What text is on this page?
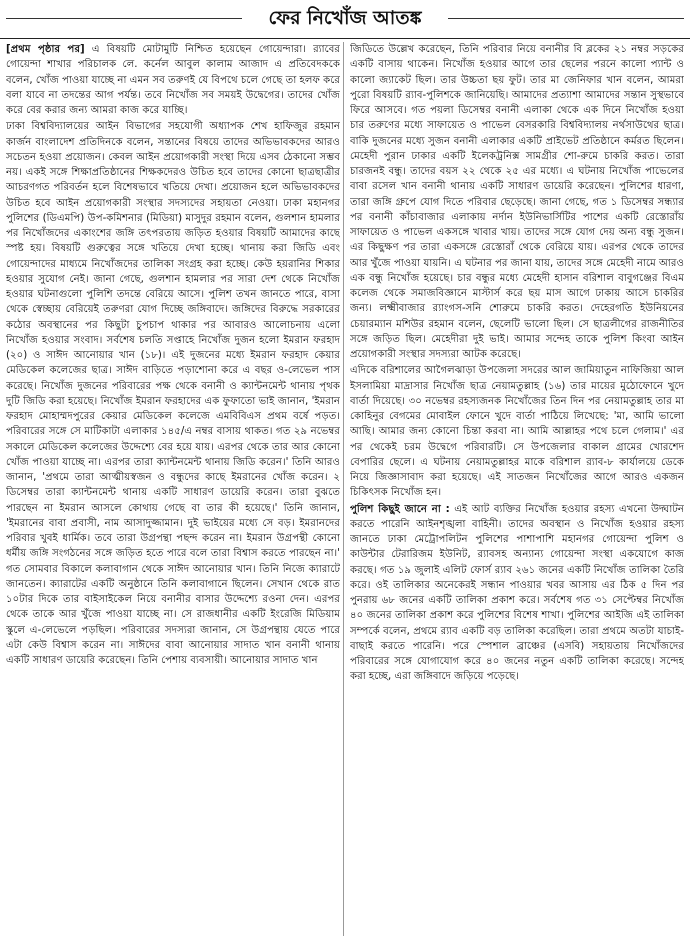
ফের নিখোঁজ আতঙ্ক

[প্রথম পৃষ্ঠার পর] এ বিষয়টি মোটামুটি নিশ্চিত হয়েছেন গোয়েন্দারা। র‌্যাবের গোয়েন্দা শাখার পরিচালক লে. কর্নেল আবুল কালাম আজাদ এ প্রতিবেদককে বলেন, খোঁজ পাওয়া যাচ্ছে না এমন সব তরুণই যে বিপথে চলে গেছে তা হলফ করে বলা যাবে না তদন্তের আগ পর্যন্ত। তবে নিখোঁজ সব সময়ই উদ্বেগের। তাদের খোঁজ করে বের করার জন্য আমরা কাজ করে যাচ্ছি।

ঢাকা বিশ্ববিদ্যালয়ের আইন বিভাগের সহযোগী অধ্যাপক শেখ হাফিজুর রহমান কার্জন বাংলাদেশ প্রতিদিনকে বলেন, সন্তানের বিষয়ে তাদের অভিভাবকদের আরও সচেতন হওয়া প্রয়োজন। কেবল আইন প্রয়োগকারী সংস্থা দিয়ে এসব ঠেকানো সম্ভব নয়। একই সঙ্গে শিক্ষাপ্রতিষ্ঠানের শিক্ষকদেরও উচিত হবে তাদের কোনো ছাত্রছাত্রীর আচরণগত পরিবর্তন হলে বিশেষভাবে খতিয়ে দেখা। প্রয়োজন হলে অভিভাবকদের উচিত হবে আইন প্রয়োগকারী সংস্থার সদস্যদের সহায়তা নেওয়া। ঢাকা মহানগর পুলিশের (ডিএমপি) উপ-কমিশনার (মিডিয়া) মাসুদুর রহমান বলেন, গুলশান হামলার পর নিখোঁজদের একাংশের জঙ্গি তৎপরতায় জড়িত হওয়ার বিষয়টি আমাদের কাছে স্পষ্ট হয়। বিষয়টি গুরুত্বের সঙ্গে খতিয়ে দেখা হচ্ছে। থানায় করা জিডি এবং গোয়েন্দাদের মাধ্যমে নিখোঁজদের তালিকা সংগ্রহ করা হচ্ছে। কেউ হয়রানির শিকার হওয়ার সুযোগ নেই। জানা গেছে, গুলশান হামলার পর সারা দেশ থেকে নিখোঁজ হওয়ার ঘটনাগুলো পুলিশি তদন্তে বেরিয়ে আসে। পুলিশ তখন জানতে পারে, বাসা থেকে স্বেচ্ছায় বেরিয়েই তরুণরা যোগ দিচ্ছে জঙ্গিবাদে। জঙ্গিদের বিরুদ্ধে সরকারের কঠোর অবস্থানের পর কিছুটা চুপচাপ থাকার পর আবারও আলোচনায় এলো নিখোঁজ হওয়ার সংবাদ। সর্বশেষ চলতি সপ্তাহে নিখোঁজ দুজন হলো ইমরান ফরহাদ (২০) ও সাঈদ আনোয়ার খান (১৮)। এই দুজনের মধ্যে ইমরান ফরহাদ কেয়ার মেডিকেল কলেজের ছাত্র। সাঈদ বাড়িতে পড়াশোনা করে এ বছর ও-লেভেল পাস করেছে। নিখোঁজ দুজনের পরিবারের পক্ষ থেকে বনানী ও ক্যান্টনমেন্ট থানায় পৃথক দুটি জিডি করা হয়েছে। নিখোঁজ ইমরান ফরহাদের এক ফুফাতো ভাই জানান, 'ইমরান ফরহাদ মোহাম্মদপুরের কেয়ার মেডিকেল কলেজে এমবিবিএস প্রথম বর্ষে পড়ত। পরিবারের সঙ্গে সে মাটিকাটা এলাকার ১৪৫/এ নম্বর বাসায় থাকত। গত ২৯ নভেম্বর সকালে মেডিকেল কলেজের উদ্দেশ্যে বের হয়ে যায়। এরপর থেকে তার আর কোনো খোঁজ পাওয়া যাচ্ছে না। এরপর তারা ক্যান্টনমেন্ট থানায় জিডি করেন।' তিনি আরও জানান, 'প্রথমে তারা আত্মীয়স্বজন ও বন্ধুদের কাছে ইমরানের খোঁজ করেন। ২ ডিসেম্বর তারা ক্যান্টনমেন্ট থানায় একটি সাধারণ ডায়েরি করেন। তারা বুঝতে পারছেন না ইমরান আসলে কোথায় গেছে বা তার কী হয়েছে।' তিনি জানান, 'ইমরানের বাবা প্রবাসী, নাম আসাদুজ্জামান। দুই ভাইয়ের মধ্যে সে বড়। ইমরানদের পরিবার খুবই ধার্মিক। তবে তারা উগ্রপন্থা পছন্দ করেন না। ইমরান উগ্রপন্থী কোনো ধর্মীয় জঙ্গি সংগঠনের সঙ্গে জড়িত হতে পারে বলে তারা বিশ্বাস করতে পারছেন না।' গত সোমবার বিকালে কলাবাগান থেকে সাঈদ আনোয়ার খান। তিনি নিজে ক্যারাটে জানতেন। ক্যারাটের একটি অনুষ্ঠানে তিনি কলাবাগানে ছিলেন। সেখান থেকে রাত ১০টার দিকে তার বাইসাইকেল নিয়ে বনানীর বাসার উদ্দেশ্যে রওনা দেন। এরপর থেকে তাকে আর খুঁজে পাওয়া যাচ্ছে না। সে রাজধানীর একটি ইংরেজি মিডিয়াম স্কুলে এ-লেভেলে পড়ছিল। পরিবারের সদস্যরা জানান, সে উগ্রপন্থায় যেতে পারে এটা কেউ বিশ্বাস করেন না। সাঈদের বাবা আনোয়ার সাদাত খান বনানী থানায় একটি সাধারণ ডায়েরি করেছেন। তিনি পেশায় ব্যবসায়ী। আনোয়ার সাদাত খান

জিডিতে উল্লেখ করেছেন, তিনি পরিবার নিয়ে বনানীর বি ব্লকের ২১ নম্বর সড়কের একটি বাসায় থাকেন। নিখোঁজ হওয়ার আগে তার ছেলের পরনে কালো প্যান্ট ও কালো জ্যাকেট ছিল। তার উচ্চতা ছয় ফুট। তার মা জেনিফার খান বলেন, আমরা পুরো বিষয়টি র‌্যাব-পুলিশকে জানিয়েছি। আমাদের প্রত্যাশা আমাদের সন্তান সুস্থভাবে ফিরে আসবে। গত পয়লা ডিসেম্বর বনানী এলাকা থেকে এক দিনে নিখোঁজ হওয়া চার তরুণের মধ্যে সাফায়েত ও পাভেল বেসরকারি বিশ্ববিদ্যালয় নর্থসাউথের ছাত্র। বাকি দুজনের মধ্যে সুজন বনানী এলাকার একটি প্রাইভেট প্রতিষ্ঠানে কর্মরত ছিলেন। মেহেদী পুরান ঢাকার একটি ইলেকট্রনিক্স সামগ্রীর শো-রুমে চাকরি করত। তারা চারজনই বন্ধু। তাদের বয়স ২২ থেকে ২৫ এর মধ্যে। এ ঘটনায় নিখোঁজ পাভেলের বাবা রসেল খান বনানী থানায় একটি সাধারণ ডায়েরি করেছেন। পুলিশের ধারণা, তারা জঙ্গি গ্রুপে যোগ দিতে পরিবার ছেড়েছে। জানা গেছে, গত ১ ডিসেম্বর সন্ধ্যার পর বনানী কাঁচাবাজার এলাকায় নর্দান ইউনিভার্সিটির পাশের একটি রেস্তোরাঁয় সাফায়েত ও পাভেল একসঙ্গে খাবার খায়। তাদের সঙ্গে যোগ দেয় অন্য বন্ধু সুজন। এর কিছুক্ষণ পর তারা একসঙ্গে রেস্তোরাঁ থেকে বেরিয়ে যায়। এরপর থেকে তাদের আর খুঁজে পাওয়া যায়নি। এ ঘটনার পর জানা যায়, তাদের সঙ্গে মেহেদী নামে আরও এক বন্ধু নিখোঁজ হয়েছে। চার বন্ধুর মধ্যে মেহেদী হাসান বরিশাল বাবুগঞ্জের বিএম কলেজ থেকে সমাজবিজ্ঞানে মাস্টার্স করে ছয় মাস আগে ঢাকায় আসে চাকরির জন্য। লক্ষ্মীবাজার র‌্যাংগস-সনি শোরুমে চাকরি করত। দেহেরগতি ইউনিয়নের চেয়ারম্যান মশিউর রহমান বলেন, ছেলেটি ভালো ছিল। সে ছাত্রলীগের রাজনীতির সঙ্গে জড়িত ছিল। মেহেদীরা দুই ভাই। আমার সন্দেহ তাকে পুলিশ কিংবা আইন প্রয়োগকারী সংস্থার সদস্যরা আটক করেছে।

এদিকে বরিশালের আগৈলঝাড়া উপজেলা সদরের আল জামিয়াতুন নাফিজিয়া আল ইসলামিয়া মাদ্রাসার নিখোঁজ ছাত্র নেয়ামতুল্লাহ (১৬) তার মায়ের মুঠোফোনে খুদে বার্তা দিয়েছে। ৩০ নভেম্বর রহস্যজনক নিখোঁজের তিন দিন পর নেয়ামতুল্লাহ তার মা কোহিনুর বেগমের মোবাইল ফোনে খুদে বার্তা পাঠিয়ে লিখেছে: 'মা, আমি ভালো আছি। আমার জন্য কোনো চিন্তা করবা না। আমি আল্লাহর পথে চলে গেলাম।' এর পর থেকেই চরম উদ্বেগে পরিবারটি। সে উপজেলার বাকাল গ্রামের খোরশেদ বেপারির ছেলে। এ ঘটনায় নেয়ামতুল্লাহর মাকে বরিশাল র‌্যাব-৮ কার্যালয়ে ডেকে নিয়ে জিজ্ঞাসাবাদ করা হয়েছে। এই সাতজন নিখোঁজের আগে আরও একজন চিকিৎসক নিখোঁজ হন।

পুলিশ কিছুই জানে না : এই আট ব্যক্তির নিখোঁজ হওয়ার রহস্য এখনো উদ্ঘাটন করতে পারেনি আইনশৃঙ্খলা বাহিনী। তাদের অবস্থান ও নিখোঁজ হওয়ার রহস্য জানতে ঢাকা মেট্রোপলিটন পুলিশের পাশাপাশি মহানগর গোয়েন্দা পুলিশ ও কাউন্টার টেরারিজম ইউনিট, র‌্যাবসহ অন্যান্য গোয়েন্দা সংস্থা একযোগে কাজ করছে। গত ১৯ জুলাই এলিট ফোর্স র‌্যাব ২৬১ জনের একটি নিখোঁজ তালিকা তৈরি করে। ওই তালিকার অনেকেরই সন্ধান পাওয়ার খবর আসায় এর ঠিক ৫ দিন পর পুনরায় ৬৮ জনের একটি তালিকা প্রকাশ করে। সর্বশেষ গত ৩১ সেপ্টেম্বর নিখোঁজ ৪০ জনের তালিকা প্রকাশ করে পুলিশের বিশেষ শাখা। পুলিশের আইজি এই তালিকা সম্পর্কে বলেন, প্রথমে র‌্যাব একটি বড় তালিকা করেছিল। তারা প্রথমে অতটা যাচাই-বাছাই করতে পারেনি। পরে স্পেশাল ব্রাঞ্চের (এসবি) সহায়তায় নিখোঁজদের পরিবারের সঙ্গে যোগাযোগ করে ৪০ জনের নতুন একটি তালিকা করেছে। সন্দেহ করা হচ্ছে, এরা জঙ্গিবাদে জড়িয়ে পড়েছে।
